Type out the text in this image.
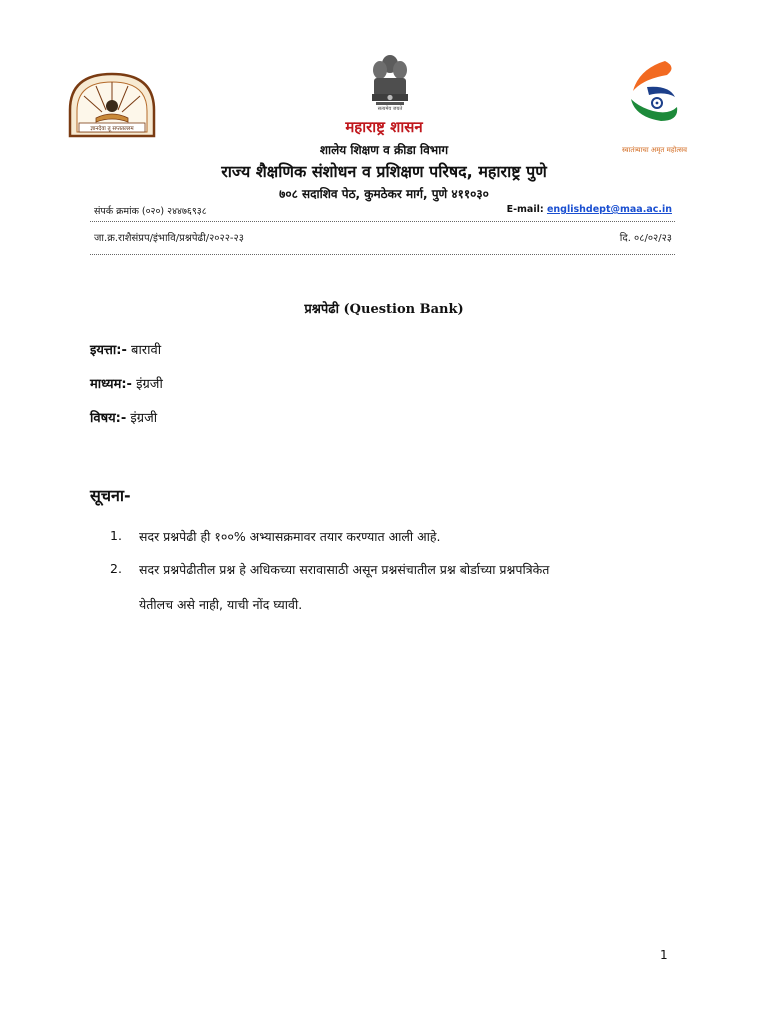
ज्ञानदेवा तू सप्ततल्लम
सत्यमेव जयते
स्वातंत्र्याचा अमृत महोत्सव
महाराष्ट्र शासन
शालेय शिक्षण व क्रीडा विभाग
राज्य शैक्षणिक संशोधन व प्रशिक्षण परिषद, महाराष्ट्र पुणे
७०८ सदाशिव पेठ, कुमठेकर मार्ग, पुणे ४११०३०
संपर्क क्रमांक (०२०) २४४७६९३८	E-mail: englishdept@maa.ac.in
जा.क्र.राशैसंप्रप/इंभावि/प्रश्नपेढी/२०२२-२३	दि. ०८/०२/२३
प्रश्नपेढी (Question Bank)
इयत्ता:- बारावी
माध्यम:- इंग्रजी
विषय:- इंग्रजी
सूचना-
1. सदर प्रश्नपेढी ही १००% अभ्यासक्रमावर तयार करण्यात आली आहे.

2. सदर प्रश्नपेढीतील प्रश्न हे अधिकच्या सरावासाठी असून प्रश्नसंचातील प्रश्न बोर्डाच्या प्रश्नपत्रिकेत

येतीलच असे नाही, याची नोंद घ्यावी.

1
